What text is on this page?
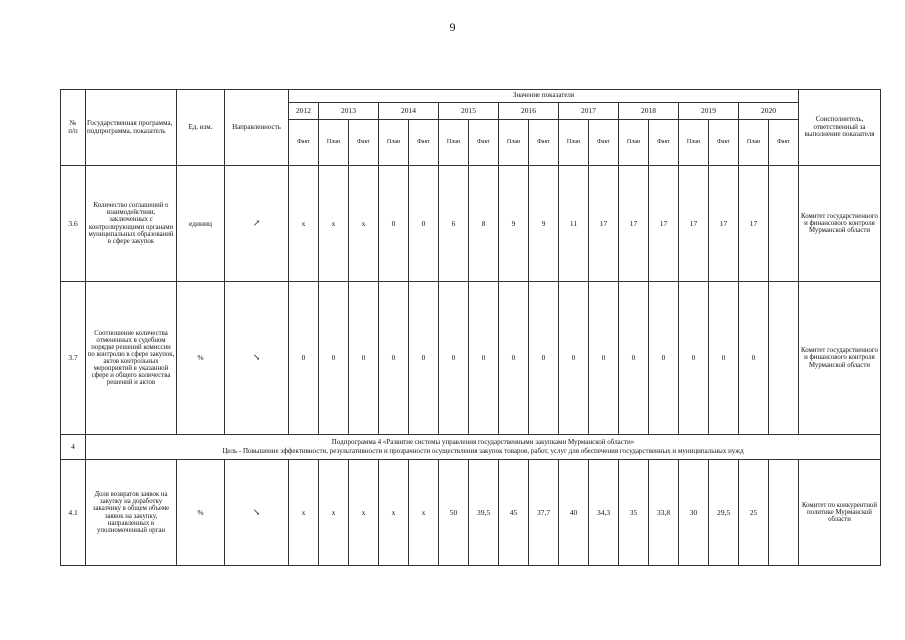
9
№
п/п	Государственная программа, подпрограмма, показатель	Ед. изм.	Направленность	Значение показателя																	Соисполнитель, ответственный за выполнение показателя
				2012	2013		2014		2015		2016		2017		2018		2019		2020		
				Факт	План	Факт	План	Факт	План	Факт	План	Факт	План	Факт	План	Факт	План	Факт	План	Факт	
3.6	Количество соглашений о взаимодействии, заключенных с контролирующими органами муниципальных образований в сфере закупок	единиц	↗	x	x	x	0	0	6	8	9	9	11	17	17	17	17	17	17		Комитет государственного и финансового контроля Мурманской области
3.7	Соотношение количества отмененных в судебном порядке решений комиссии по контролю в сфере закупок, актов контрольных мероприятий в указанной сфере и общего количества решений и актов	%	↘	0	0	0	0	0	0	0	0	0	0	0	0	0	0	0	0		Комитет государственного и финансового контроля Мурманской области
4	Подпрограмма 4 «Развитие системы управления государственными закупками Мурманской области»
Цель - Повышение эффективности, результативности и прозрачности осуществления закупок товаров, работ, услуг для обеспечения государственных и муниципальных нужд																				

4.1	Доля возвратов заявок на закупку на доработку заказчику в общем объеме заявок на закупку, направленных в уполномоченный орган	%	↘	x	x	x	x	x	50	39,5	45	37,7	40	34,3	35	33,8	30	29,5	25		Комитет по конкурентной политике Мурманской области
